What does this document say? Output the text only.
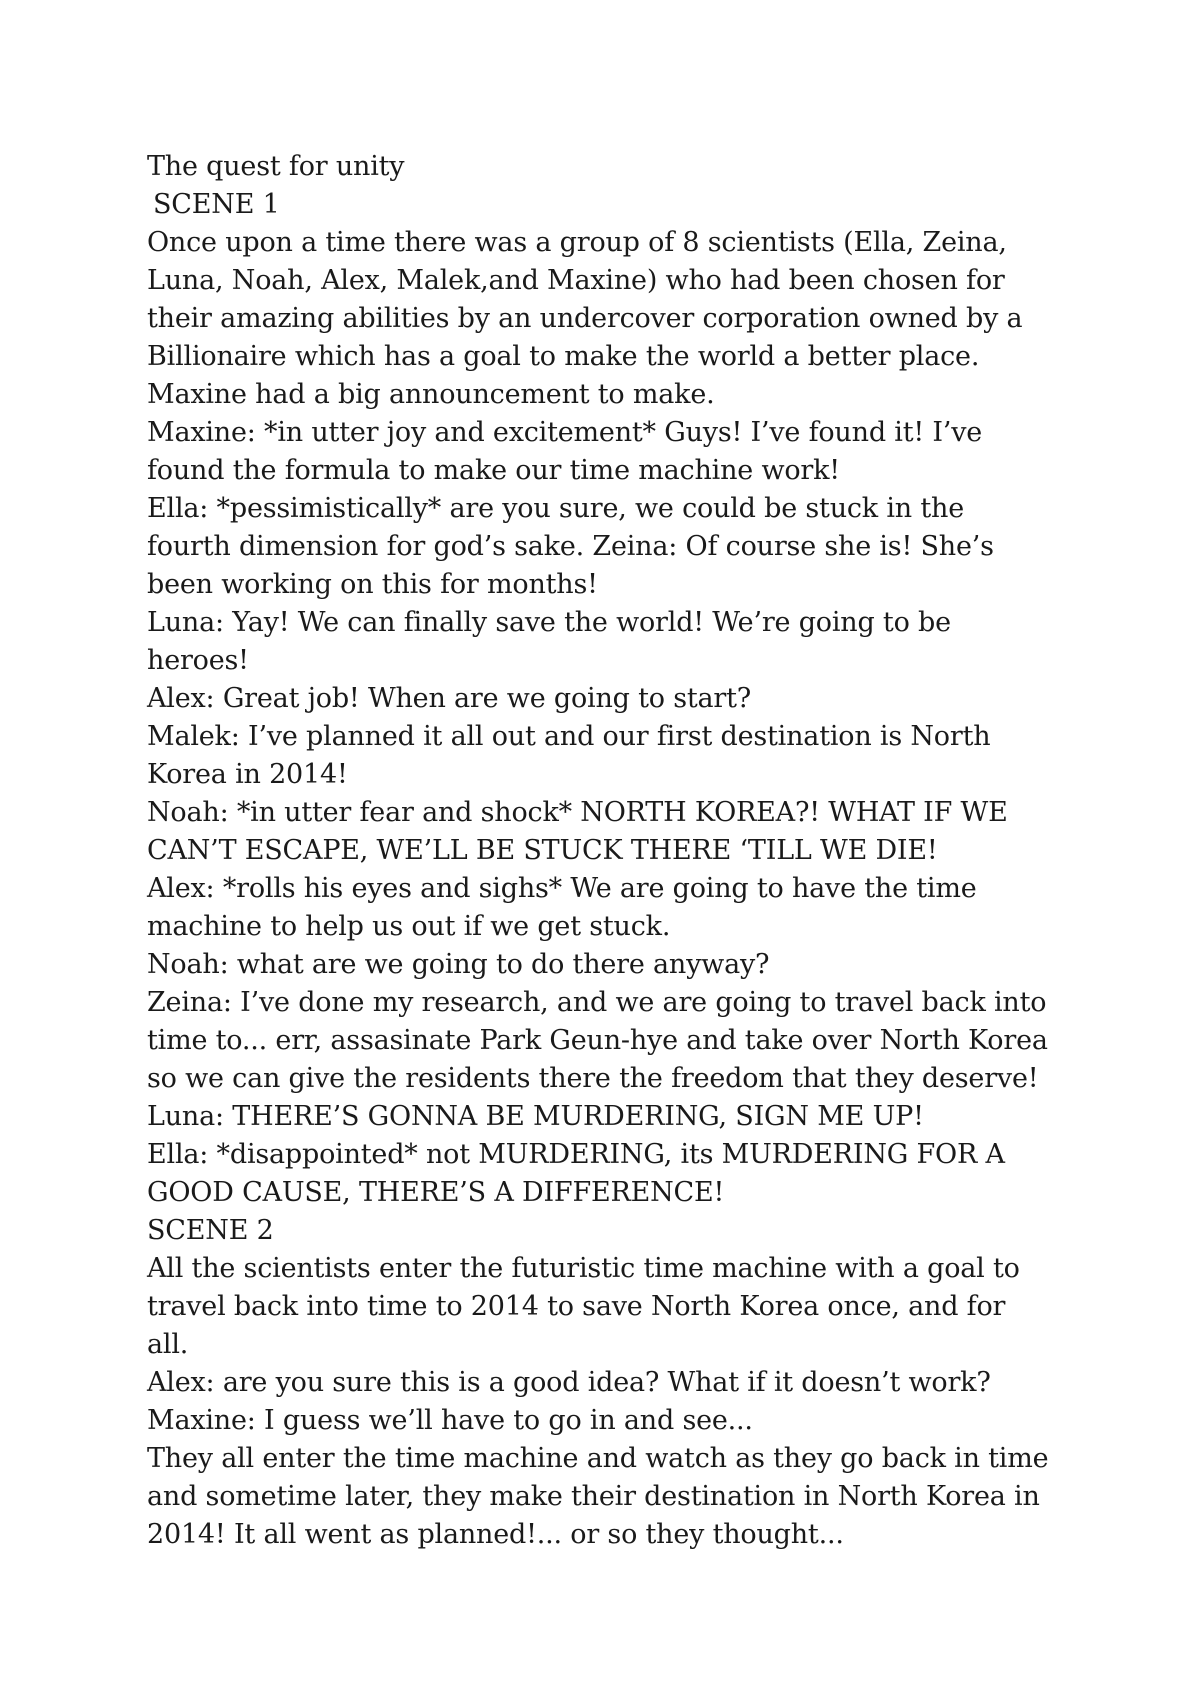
The quest for unity
SCENE 1
Once upon a time there was a group of 8 scientists (Ella, Zeina,
Luna, Noah, Alex, Malek,and Maxine) who had been chosen for
their amazing abilities by an undercover corporation owned by a
Billionaire which has a goal to make the world a better place.
Maxine had a big announcement to make.
Maxine: *in utter joy and excitement* Guys! I’ve found it! I’ve
found the formula to make our time machine work!
Ella: *pessimistically* are you sure, we could be stuck in the
fourth dimension for god’s sake. Zeina: Of course she is! She’s
been working on this for months!
Luna: Yay! We can finally save the world! We’re going to be
heroes!
Alex: Great job! When are we going to start?
Malek: I’ve planned it all out and our first destination is North
Korea in 2014!
Noah: *in utter fear and shock* NORTH KOREA?! WHAT IF WE
CAN’T ESCAPE, WE’LL BE STUCK THERE ‘TILL WE DIE!
Alex: *rolls his eyes and sighs* We are going to have the time
machine to help us out if we get stuck.
Noah: what are we going to do there anyway?
Zeina: I’ve done my research, and we are going to travel back into
time to... err, assasinate Park Geun-hye and take over North Korea
so we can give the residents there the freedom that they deserve!
Luna: THERE’S GONNA BE MURDERING, SIGN ME UP!
Ella: *disappointed* not MURDERING, its MURDERING FOR A
GOOD CAUSE, THERE’S A DIFFERENCE!
SCENE 2
All the scientists enter the futuristic time machine with a goal to
travel back into time to 2014 to save North Korea once, and for
all.
Alex: are you sure this is a good idea? What if it doesn’t work?
Maxine: I guess we’ll have to go in and see...
They all enter the time machine and watch as they go back in time
and sometime later, they make their destination in North Korea in
2014! It all went as planned!... or so they thought...
